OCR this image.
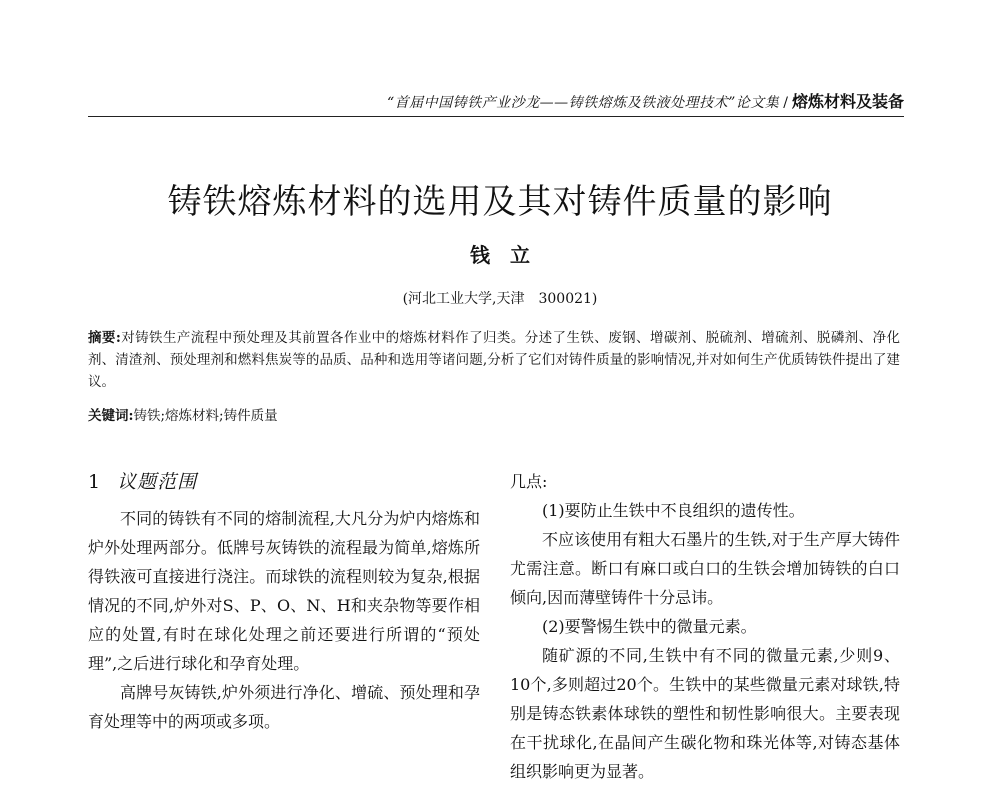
“首届中国铸铁产业沙龙——铸铁熔炼及铁液处理技术”论文集 / 熔炼材料及装备
铸铁熔炼材料的选用及其对铸件质量的影响
钱立
(河北工业大学,天津　300021)
摘要:对铸铁生产流程中预处理及其前置各作业中的熔炼材料作了归类。分述了生铁、废钢、增碳剂、脱硫剂、增硫剂、脱磷剂、净化剂、清渣剂、预处理剂和燃料焦炭等的品质、品种和选用等诸问题,分析了它们对铸件质量的影响情况,并对如何生产优质铸铁件提出了建议。
关键词:铸铁;熔炼材料;铸件质量
1 议题范围

不同的铸铁有不同的熔制流程,大凡分为炉内熔炼和炉外处理两部分。低牌号灰铸铁的流程最为简单,熔炼所得铁液可直接进行浇注。而球铁的流程则较为复杂,根据情况的不同,炉外对S、P、O、N、H和夹杂物等要作相应的处置,有时在球化处理之前还要进行所谓的“预处理”,之后进行球化和孕育处理。

高牌号灰铸铁,炉外须进行净化、增硫、预处理和孕育处理等中的两项或多项。

几点:

(1)要防止生铁中不良组织的遗传性。

不应该使用有粗大石墨片的生铁,对于生产厚大铸件尤需注意。断口有麻口或白口的生铁会增加铸铁的白口倾向,因而薄壁铸件十分忌讳。

(2)要警惕生铁中的微量元素。

随矿源的不同,生铁中有不同的微量元素,少则9、10个,多则超过20个。生铁中的某些微量元素对球铁,特别是铸态铁素体球铁的塑性和韧性影响很大。主要表现在干扰球化,在晶间产生碳化物和珠光体等,对铸态基体组织影响更为显著。
